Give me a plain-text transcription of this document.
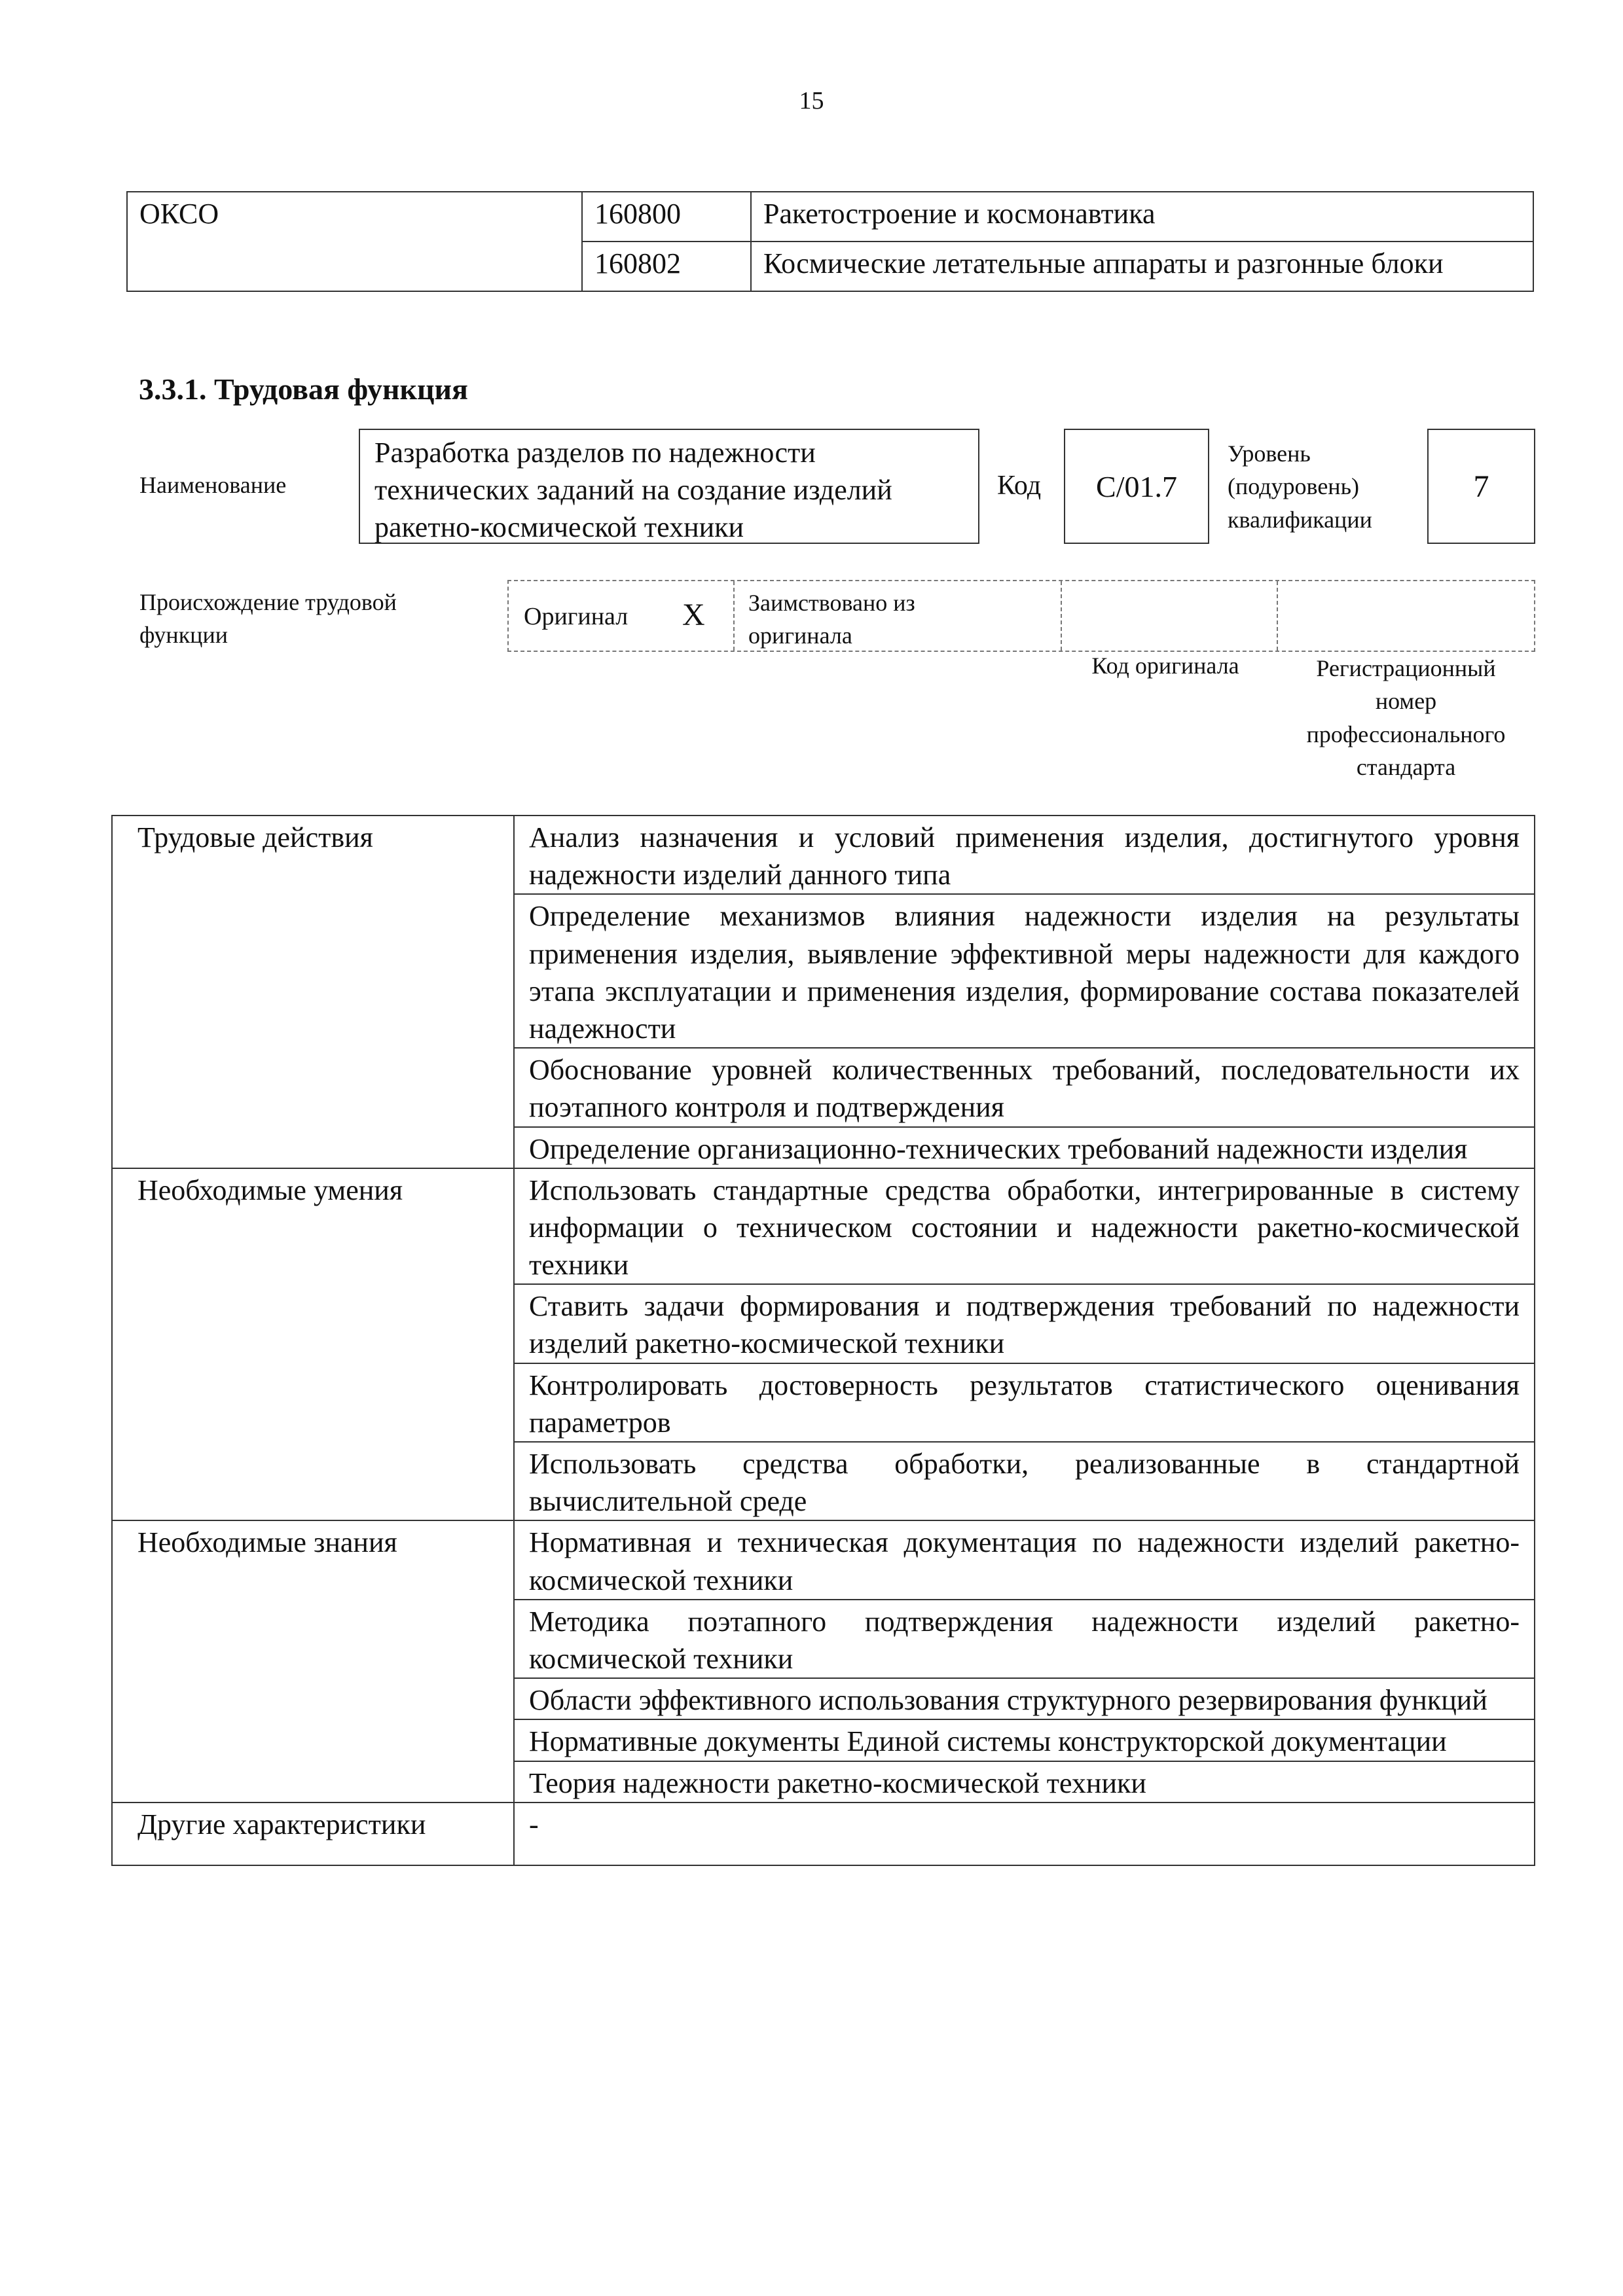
15
ОКСО	160800	Ракетостроение и космонавтика
	160802	Космические летательные аппараты и разгонные блоки
3.3.1. Трудовая функция
Наименование
Разработка разделов по надежности технических заданий на создание изделий ракетно-космической техники
Код	C/01.7
Уровень
(подуровень)
квалификации
7
Происхождение трудовой
функции
Оригинал X Заимствовано из
оригинала
Код оригинала	Регистрационный
номер
профессионального
стандарта
Трудовые действия	Анализ назначения и условий применения изделия, достигнутого уровня надежности изделий данного типа
	Определение механизмов влияния надежности изделия на результаты применения изделия, выявление эффективной меры надежности для каждого этапа эксплуатации и применения изделия, формирование состава показателей надежности
	Обоснование уровней количественных требований, последовательности их поэтапного контроля и подтверждения
	Определение организационно-технических требований надежности изделия
Необходимые умения	Использовать стандартные средства обработки, интегрированные в систему информации о техническом состоянии и надежности ракетно-космической техники
	Ставить задачи формирования и подтверждения требований по надежности изделий ракетно-космической техники
	Контролировать достоверность результатов статистического оценивания параметров
	Использовать средства обработки, реализованные в стандартной вычислительной среде
Необходимые знания	Нормативная и техническая документация по надежности изделий ракетно-космической техники
	Методика поэтапного подтверждения надежности изделий ракетно-космической техники
	Области эффективного использования структурного резервирования функций
	Нормативные документы Единой системы конструкторской документации
	Теория надежности ракетно-космической техники
Другие характеристики	-
